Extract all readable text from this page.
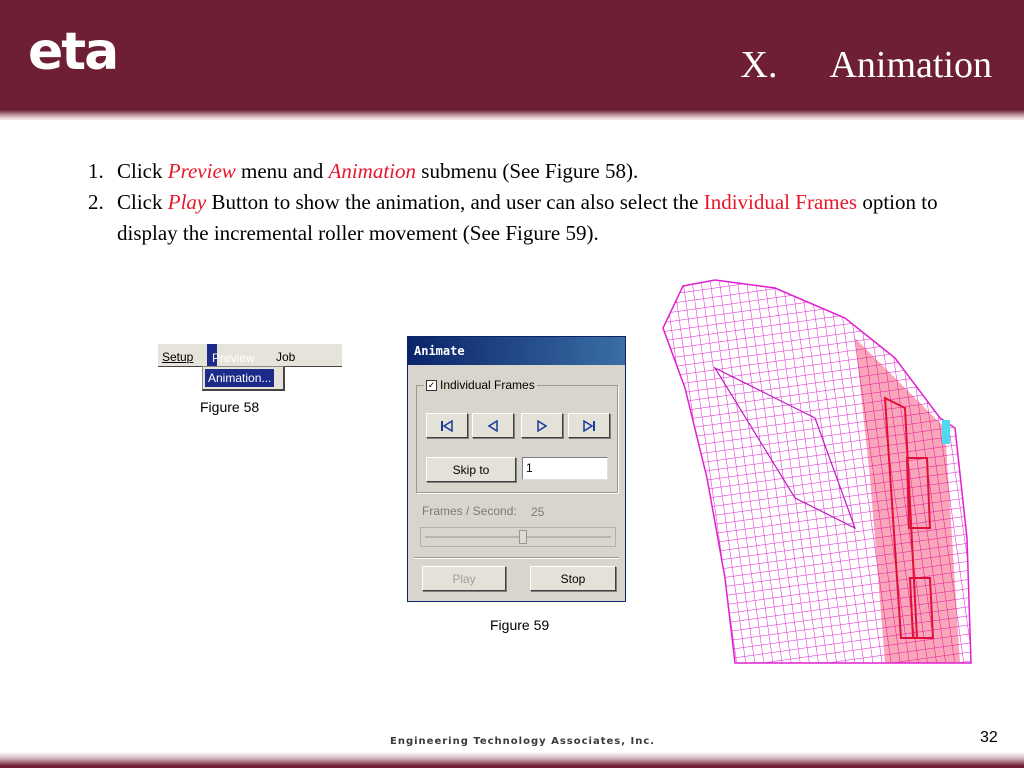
eta	X. Animation
1. Click Preview menu and Animation submenu (See Figure 58).
2. Click Play Button to show the animation, and user can also select the Individual Frames option to display the incremental roller movement (See Figure 59).
Setup Preview Job
Animation...
Figure 58
Animate
✓ Individual Frames
Skip to	1
Frames / Second: 25
Play	Stop
Figure 59
Engineering Technology Associates, Inc.	32
